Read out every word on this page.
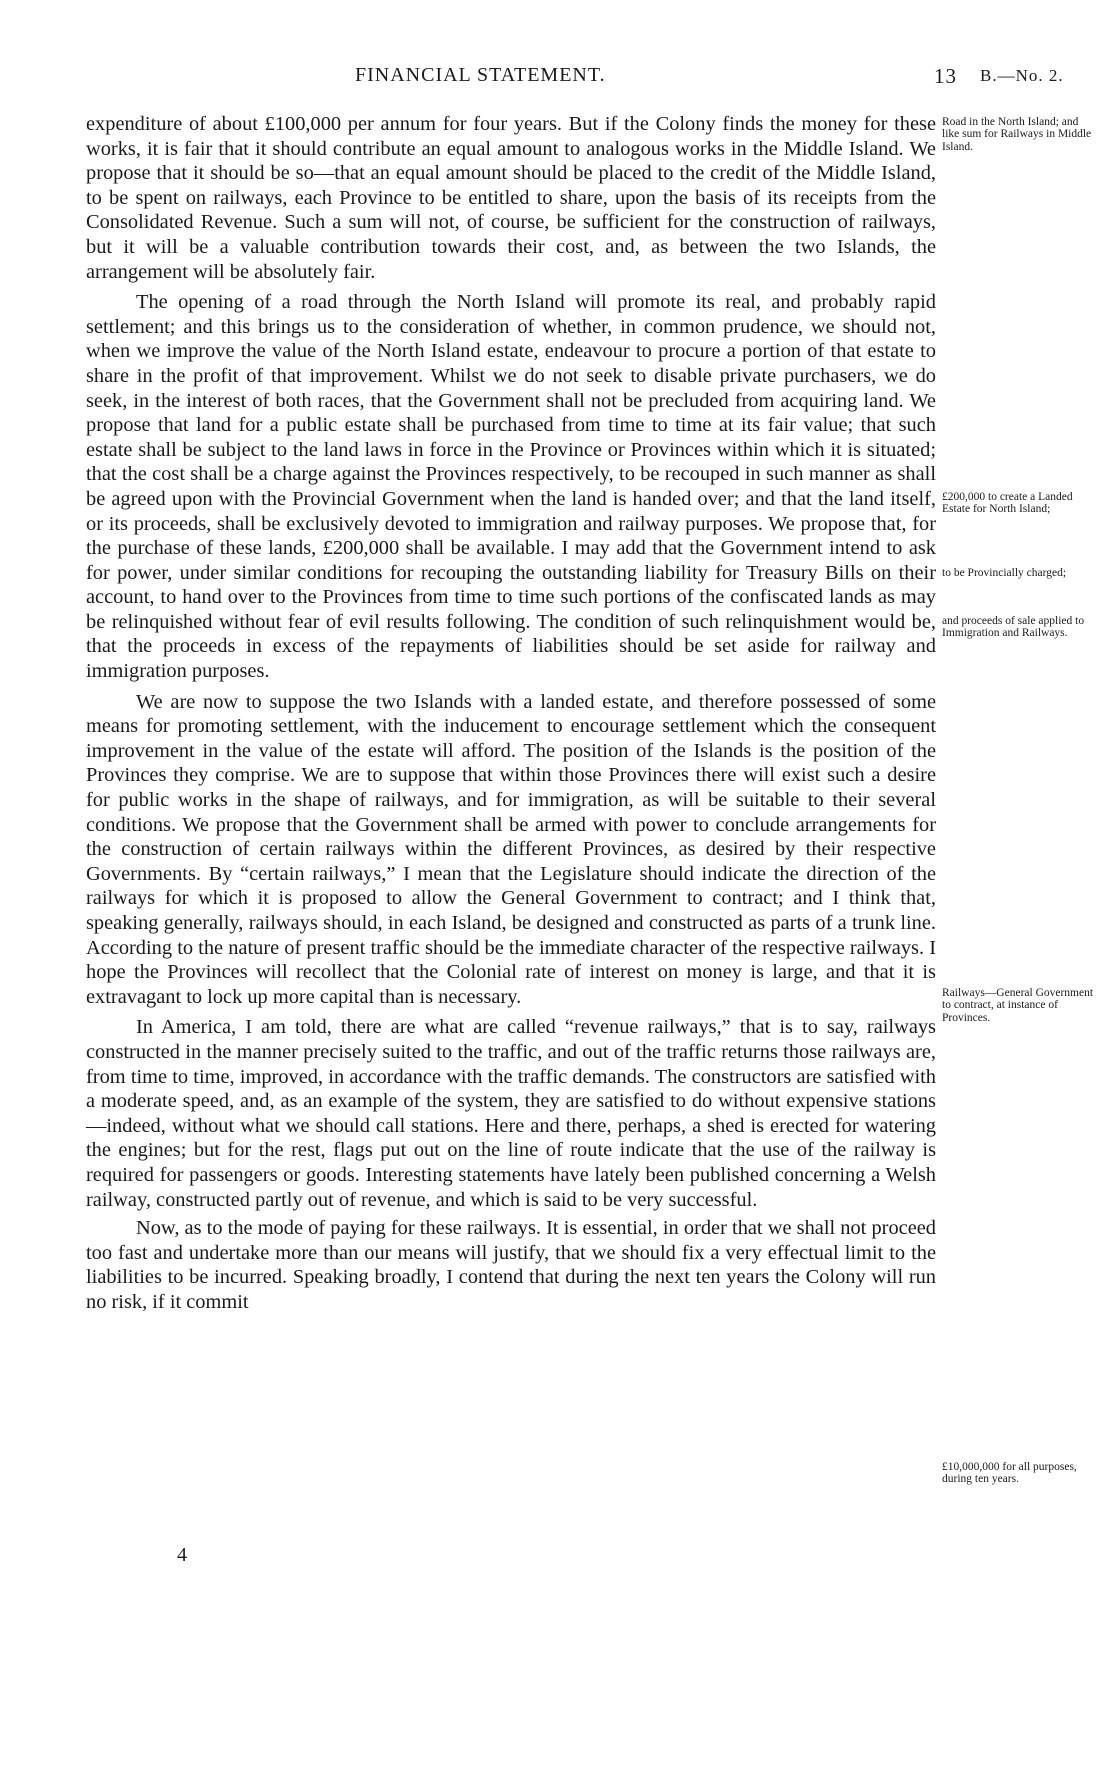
FINANCIAL STATEMENT.	13 B.—No. 2.

expenditure of about £100,000 per annum for four years. But if the Colony finds the money for these works, it is fair that it should contribute an equal amount to analogous works in the Middle Island. We propose that it should be so—that an equal amount should be placed to the credit of the Middle Island, to be spent on railways, each Province to be entitled to share, upon the basis of its receipts from the Consolidated Revenue. Such a sum will not, of course, be sufficient for the construction of railways, but it will be a valuable contribution towards their cost, and, as between the two Islands, the arrangement will be absolutely fair.

The opening of a road through the North Island will promote its real, and probably rapid settlement; and this brings us to the consideration of whether, in common prudence, we should not, when we improve the value of the North Island estate, endeavour to procure a portion of that estate to share in the profit of that improvement. Whilst we do not seek to disable private purchasers, we do seek, in the interest of both races, that the Government shall not be precluded from acquiring land. We propose that land for a public estate shall be purchased from time to time at its fair value; that such estate shall be subject to the land laws in force in the Province or Provinces within which it is situated; that the cost shall be a charge against the Provinces respectively, to be recouped in such manner as shall be agreed upon with the Provincial Government when the land is handed over; and that the land itself, or its proceeds, shall be exclusively devoted to immigration and railway purposes. We propose that, for the purchase of these lands, £200,000 shall be available. I may add that the Government intend to ask for power, under similar conditions for recouping the outstanding liability for Treasury Bills on their account, to hand over to the Provinces from time to time such portions of the confiscated lands as may be relinquished without fear of evil results following. The condition of such relinquishment would be, that the proceeds in excess of the repayments of liabilities should be set aside for railway and immigration purposes.

We are now to suppose the two Islands with a landed estate, and therefore possessed of some means for promoting settlement, with the inducement to encourage settlement which the consequent improvement in the value of the estate will afford. The position of the Islands is the position of the Provinces they comprise. We are to suppose that within those Provinces there will exist such a desire for public works in the shape of railways, and for immigration, as will be suitable to their several conditions. We propose that the Government shall be armed with power to conclude arrangements for the construction of certain railways within the different Provinces, as desired by their respective Governments. By “certain railways,” I mean that the Legislature should indicate the direction of the railways for which it is proposed to allow the General Government to contract; and I think that, speaking generally, railways should, in each Island, be designed and constructed as parts of a trunk line. According to the nature of present traffic should be the immediate character of the respective railways. I hope the Provinces will recollect that the Colonial rate of interest on money is large, and that it is extravagant to lock up more capital than is necessary.

In America, I am told, there are what are called “revenue railways,” that is to say, railways constructed in the manner precisely suited to the traffic, and out of the traffic returns those railways are, from time to time, improved, in accordance with the traffic demands. The constructors are satisfied with a moderate speed, and, as an example of the system, they are satisfied to do without expensive stations—indeed, without what we should call stations. Here and there, perhaps, a shed is erected for watering the engines; but for the rest, flags put out on the line of route indicate that the use of the railway is required for passengers or goods. Interesting statements have lately been published concerning a Welsh railway, constructed partly out of revenue, and which is said to be very successful.

Now, as to the mode of paying for these railways. It is essential, in order that we shall not proceed too fast and undertake more than our means will justify, that we should fix a very effectual limit to the liabilities to be incurred. Speaking broadly, I contend that during the next ten years the Colony will run no risk, if it commit

Road in the North Island; and like sum for Railways in Middle Island.
£200,000 to create a Landed Estate for North Island;
to be Provincially charged;
and proceeds of sale applied to Immigration and Railways.
Railways—General Government to contract, at instance of Provinces.
£10,000,000 for all purposes, during ten years.
4
